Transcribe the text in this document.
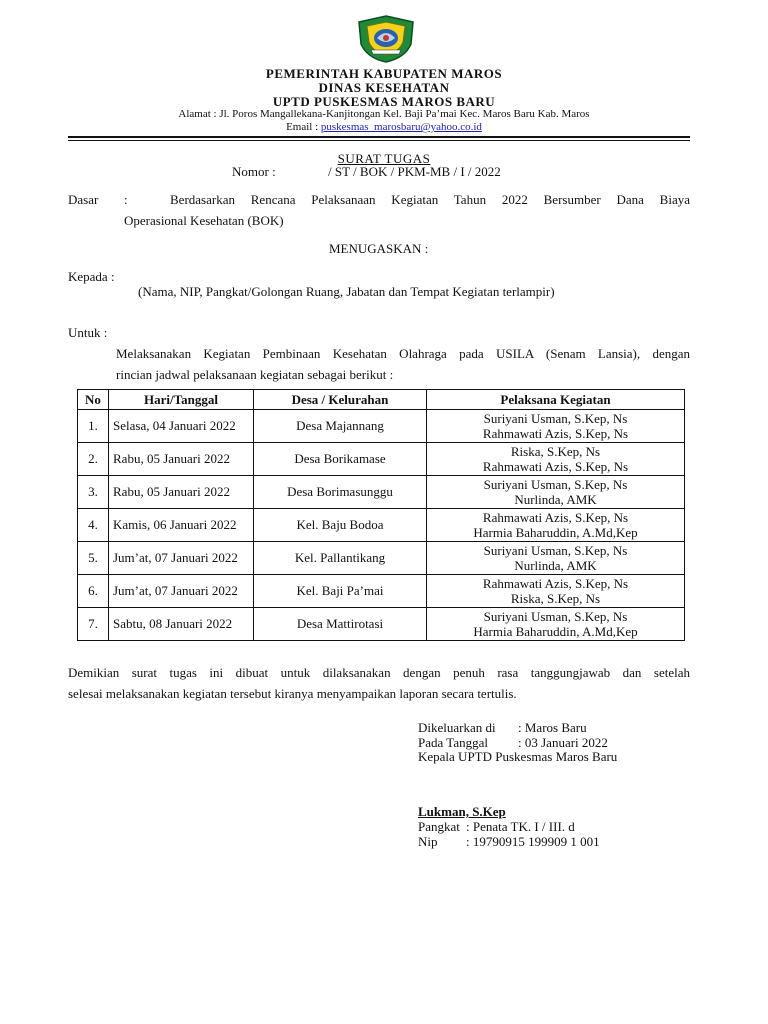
PEMERINTAH KABUPATEN MAROS
DINAS KESEHATAN
UPTD PUSKESMAS MAROS BARU
Alamat : Jl. Poros Mangallekana-Kanjitongan Kel. Baji Pa’mai Kec. Maros Baru Kab. Maros
Email : puskesmas_marosbaru@yahoo.co.id
SURAT TUGAS
Nomor :	/ ST / BOK / PKM-MB / I / 2022
Dasar :	Berdasarkan Rencana Pelaksanaan Kegiatan Tahun 2022 Bersumber Dana Biaya
Operasional Kesehatan (BOK)
MENUGASKAN :
Kepada :
(Nama, NIP, Pangkat/Golongan Ruang, Jabatan dan Tempat Kegiatan terlampir)
Untuk :
Melaksanakan Kegiatan Pembinaan Kesehatan Olahraga pada USILA (Senam Lansia), dengan
rincian jadwal pelaksanaan kegiatan sebagai berikut :
No	Hari/Tanggal	Desa / Kelurahan	Pelaksana Kegiatan
1.	Selasa, 04 Januari 2022	Desa Majannang	Suriyani Usman, S.Kep, Ns
Rahmawati Azis, S.Kep, Ns

2.	Rabu, 05 Januari 2022	Desa Borikamase	Riska, S.Kep, Ns
Rahmawati Azis, S.Kep, Ns

3.	Rabu, 05 Januari 2022	Desa Borimasunggu	Suriyani Usman, S.Kep, Ns
Nurlinda, AMK

4.	Kamis, 06 Januari 2022	Kel. Baju Bodoa	Rahmawati Azis, S.Kep, Ns
Harmia Baharuddin, A.Md,Kep

5.	Jum’at, 07 Januari 2022	Kel. Pallantikang	Suriyani Usman, S.Kep, Ns
Nurlinda, AMK

6.	Jum’at, 07 Januari 2022	Kel. Baji Pa’mai	Rahmawati Azis, S.Kep, Ns
Riska, S.Kep, Ns

7.	Sabtu, 08 Januari 2022	Desa Mattirotasi	Suriyani Usman, S.Kep, Ns
Harmia Baharuddin, A.Md,Kep
Demikian surat tugas ini dibuat untuk dilaksanakan dengan penuh rasa tanggungjawab dan setelah
selesai melaksanakan kegiatan tersebut kiranya menyampaikan laporan secara tertulis.
Dikeluarkan di : Maros Baru
Pada Tanggal : 03 Januari 2022
Kepala UPTD Puskesmas Maros Baru
Lukman, S.Kep
Pangkat : Penata TK. I / III. d
Nip : 19790915 199909 1 001
